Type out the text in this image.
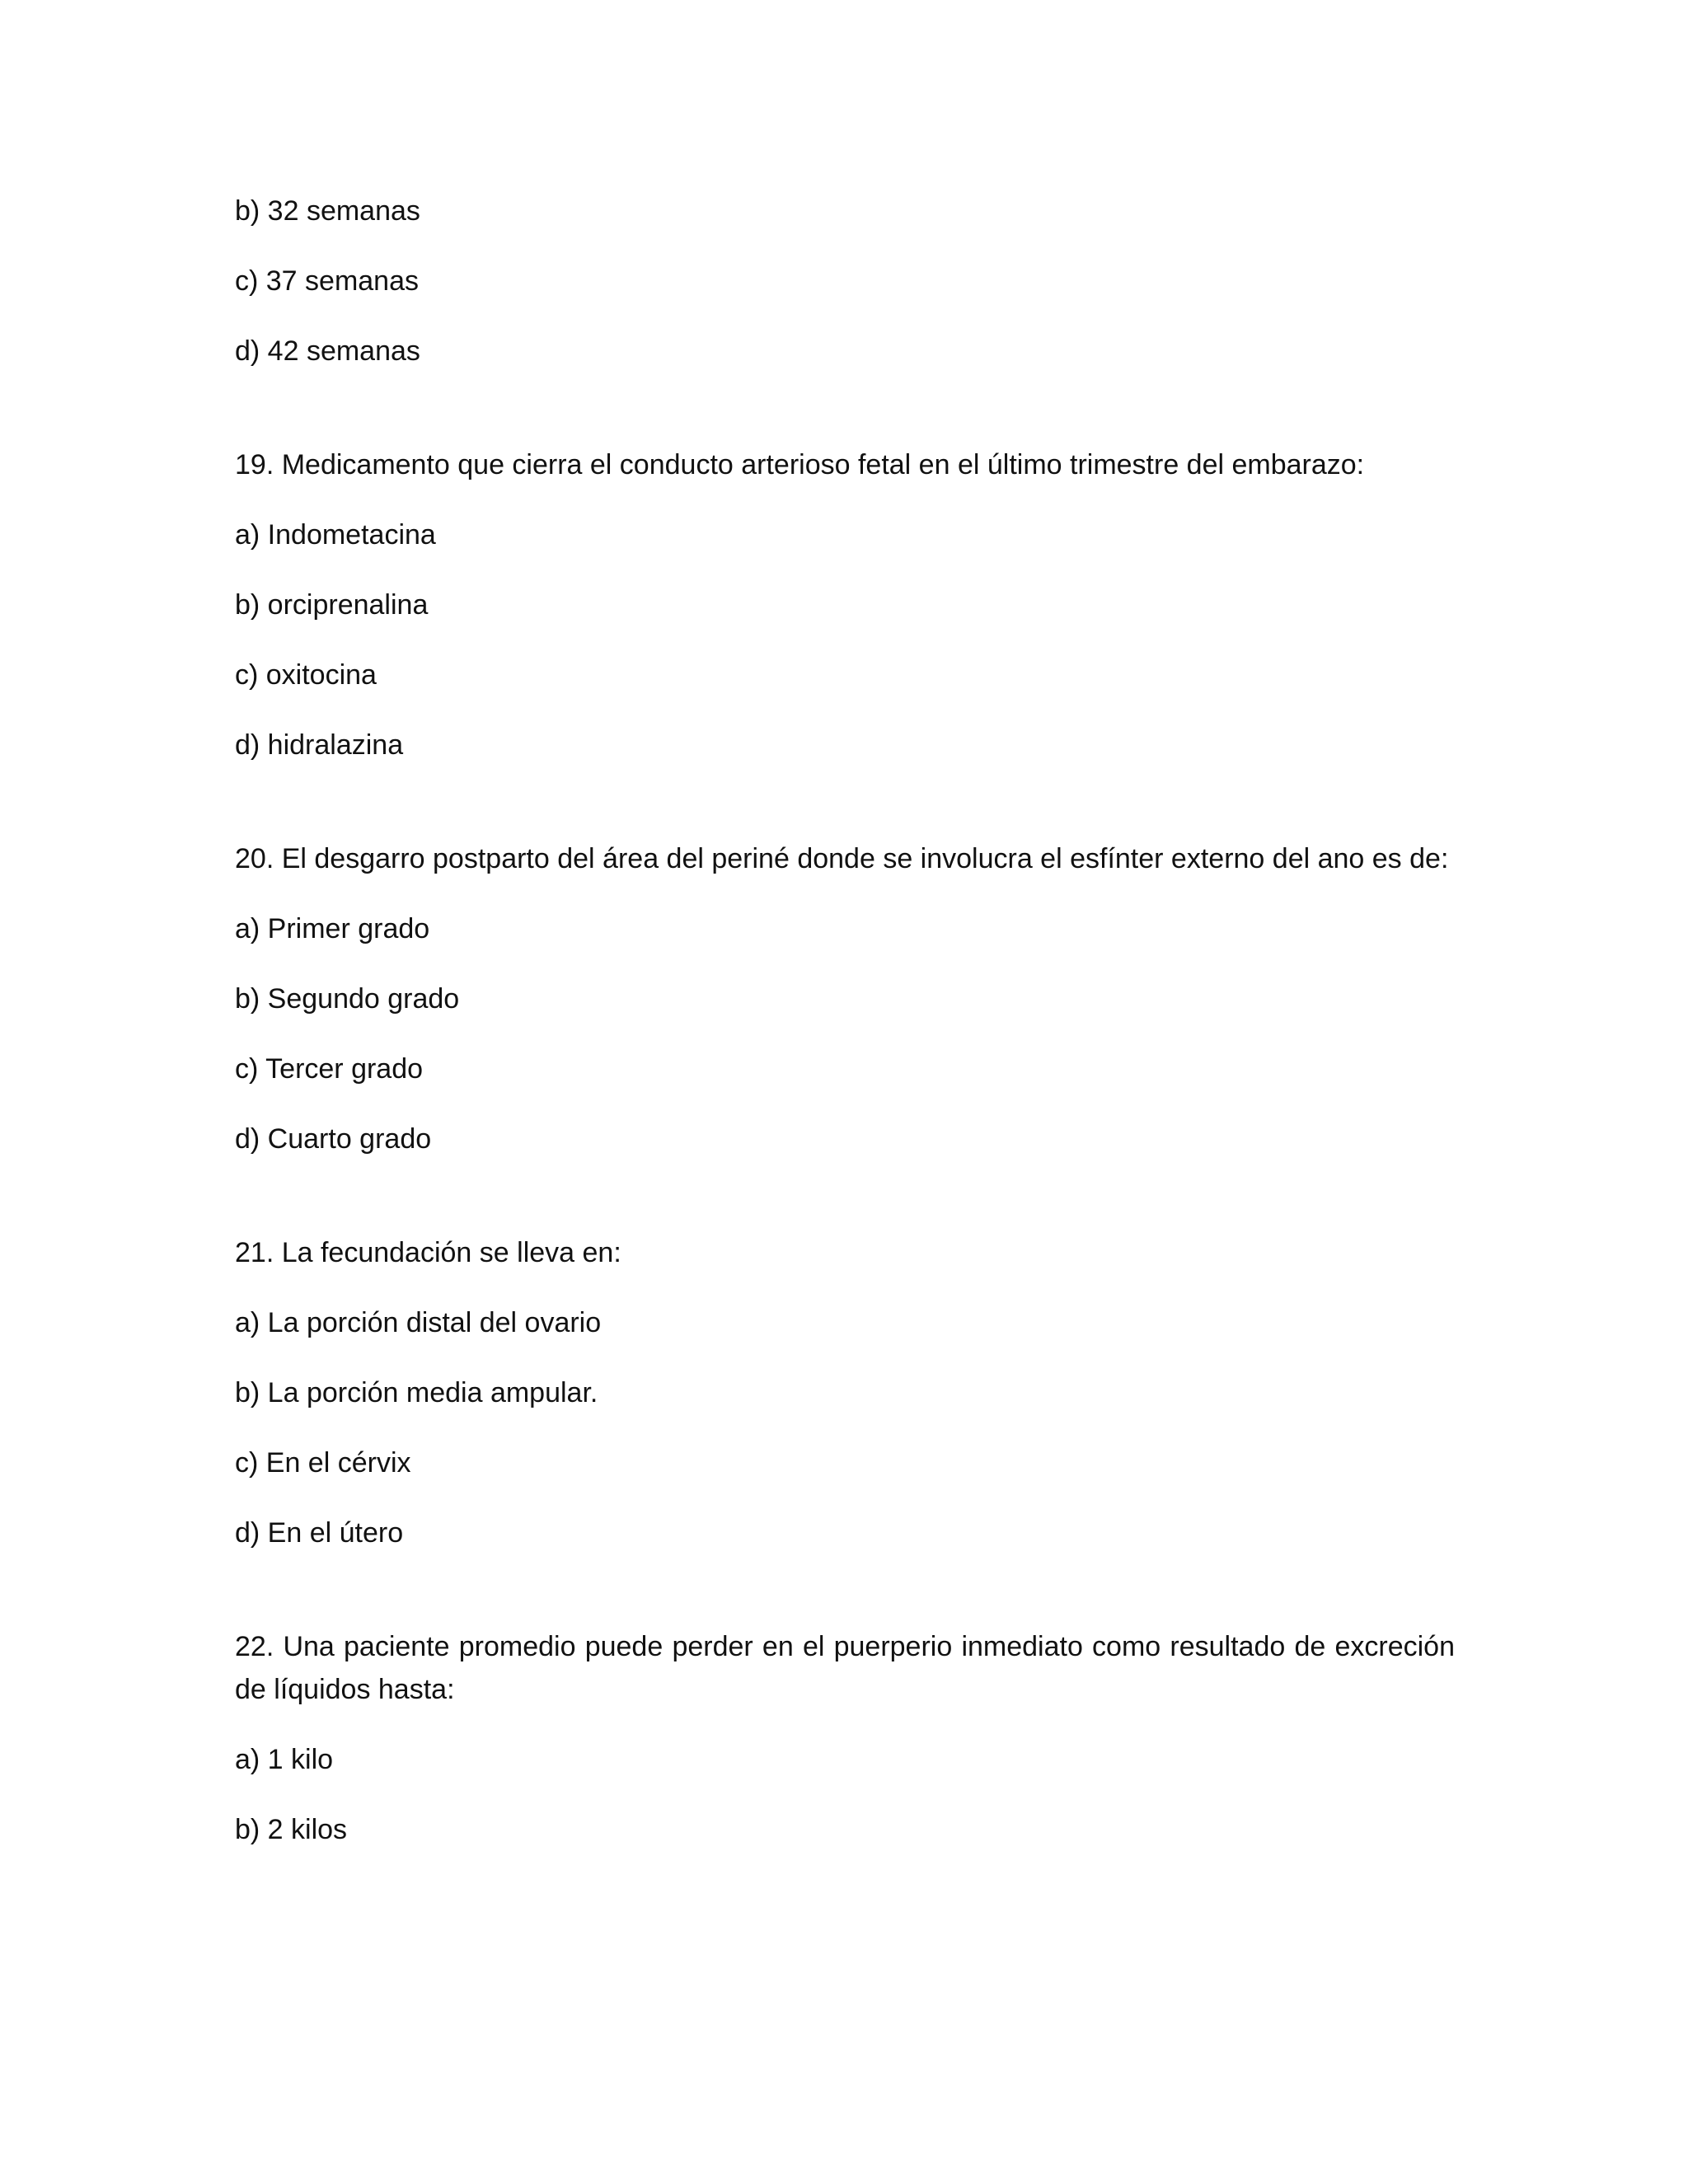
b) 32 semanas

c) 37 semanas

d) 42 semanas

19. Medicamento que cierra el conducto arterioso fetal en el último trimestre del embarazo:

a) Indometacina

b) orciprenalina

c) oxitocina

d) hidralazina

20. El desgarro postparto del área del periné donde se involucra el esfínter externo del ano es de:

a) Primer grado

b) Segundo grado

c) Tercer grado

d) Cuarto grado

21. La fecundación se lleva en:

a) La porción distal del ovario

b) La porción media ampular.

c) En el cérvix

d) En el útero

22. Una paciente promedio puede perder en el puerperio inmediato como resultado de excreción de líquidos hasta:

a) 1 kilo

b) 2 kilos
